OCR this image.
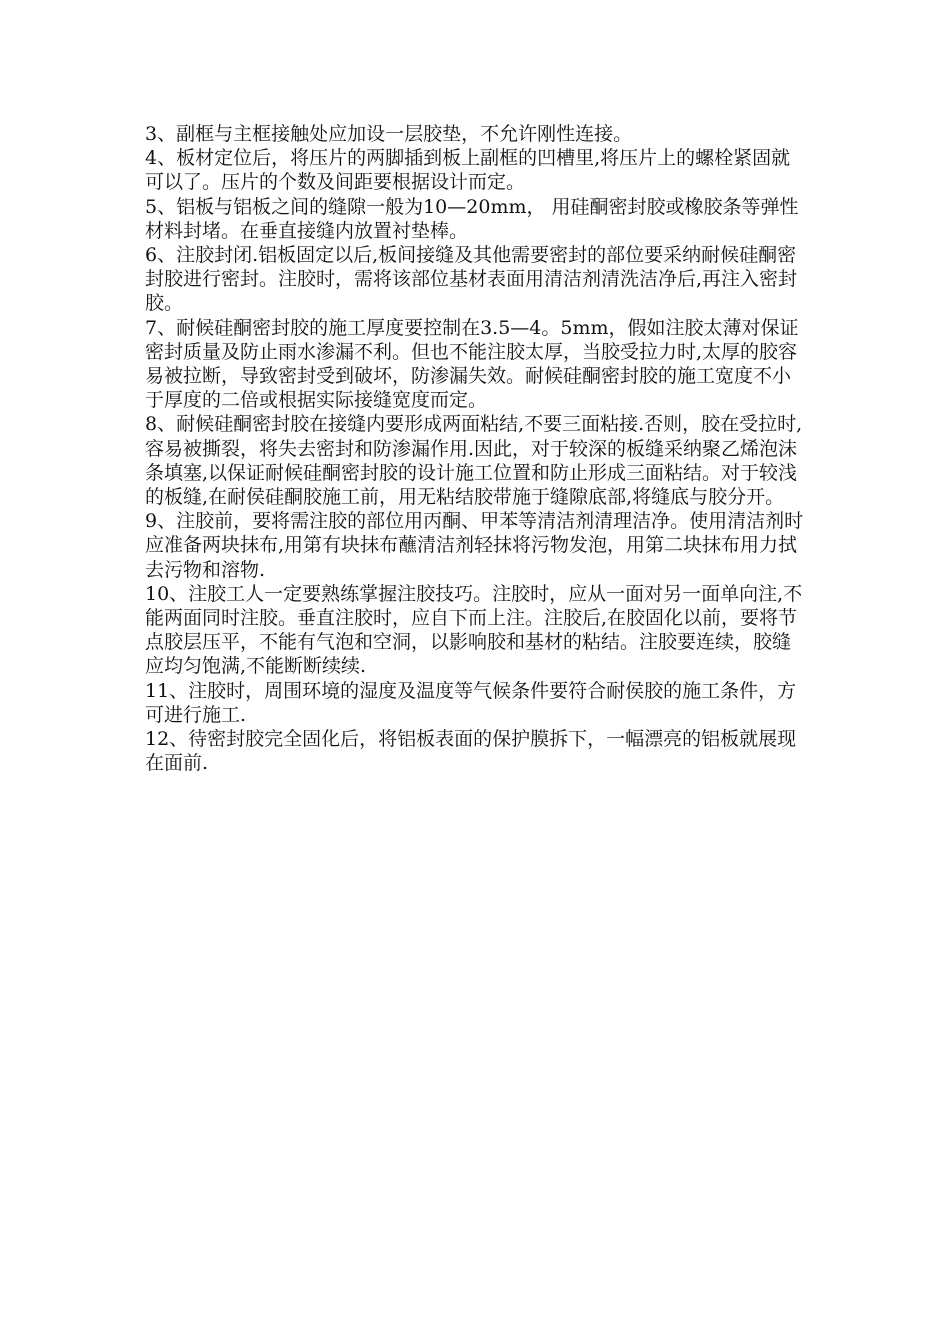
3、副框与主框接触处应加设一层胶垫，不允许刚性连接。

4、板材定位后，将压片的两脚插到板上副框的凹槽里,将压片上的螺栓紧固就可以了。压片的个数及间距要根据设计而定。

5、铝板与铝板之间的缝隙一般为10—20mm， 用硅酮密封胶或橡胶条等弹性材料封堵。在垂直接缝内放置衬垫棒。

6、注胶封闭.铝板固定以后,板间接缝及其他需要密封的部位要采纳耐候硅酮密封胶进行密封。注胶时，需将该部位基材表面用清洁剂清洗洁净后,再注入密封胶。

7、耐候硅酮密封胶的施工厚度要控制在3.5—4。5mm，假如注胶太薄对保证密封质量及防止雨水渗漏不利。但也不能注胶太厚，当胶受拉力时,太厚的胶容易被拉断，导致密封受到破坏，防渗漏失效。耐候硅酮密封胶的施工宽度不小于厚度的二倍或根据实际接缝宽度而定。

8、耐候硅酮密封胶在接缝内要形成两面粘结,不要三面粘接.否则，胶在受拉时,容易被撕裂，将失去密封和防渗漏作用.因此，对于较深的板缝采纳聚乙烯泡沫条填塞,以保证耐候硅酮密封胶的设计施工位置和防止形成三面粘结。对于较浅的板缝,在耐侯硅酮胶施工前，用无粘结胶带施于缝隙底部,将缝底与胶分开。

9、注胶前，要将需注胶的部位用丙酮、甲苯等清洁剂清理洁净。使用清洁剂时应准备两块抹布,用第有块抹布蘸清洁剂轻抹将污物发泡，用第二块抹布用力拭去污物和溶物.

10、注胶工人一定要熟练掌握注胶技巧。注胶时，应从一面对另一面单向注,不能两面同时注胶。垂直注胶时，应自下而上注。注胶后,在胶固化以前，要将节点胶层压平，不能有气泡和空洞，以影响胶和基材的粘结。注胶要连续，胶缝应均匀饱满,不能断断续续.

11、注胶时，周围环境的湿度及温度等气候条件要符合耐侯胶的施工条件，方可进行施工.

12、待密封胶完全固化后，将铝板表面的保护膜拆下，一幅漂亮的铝板就展现在面前.
